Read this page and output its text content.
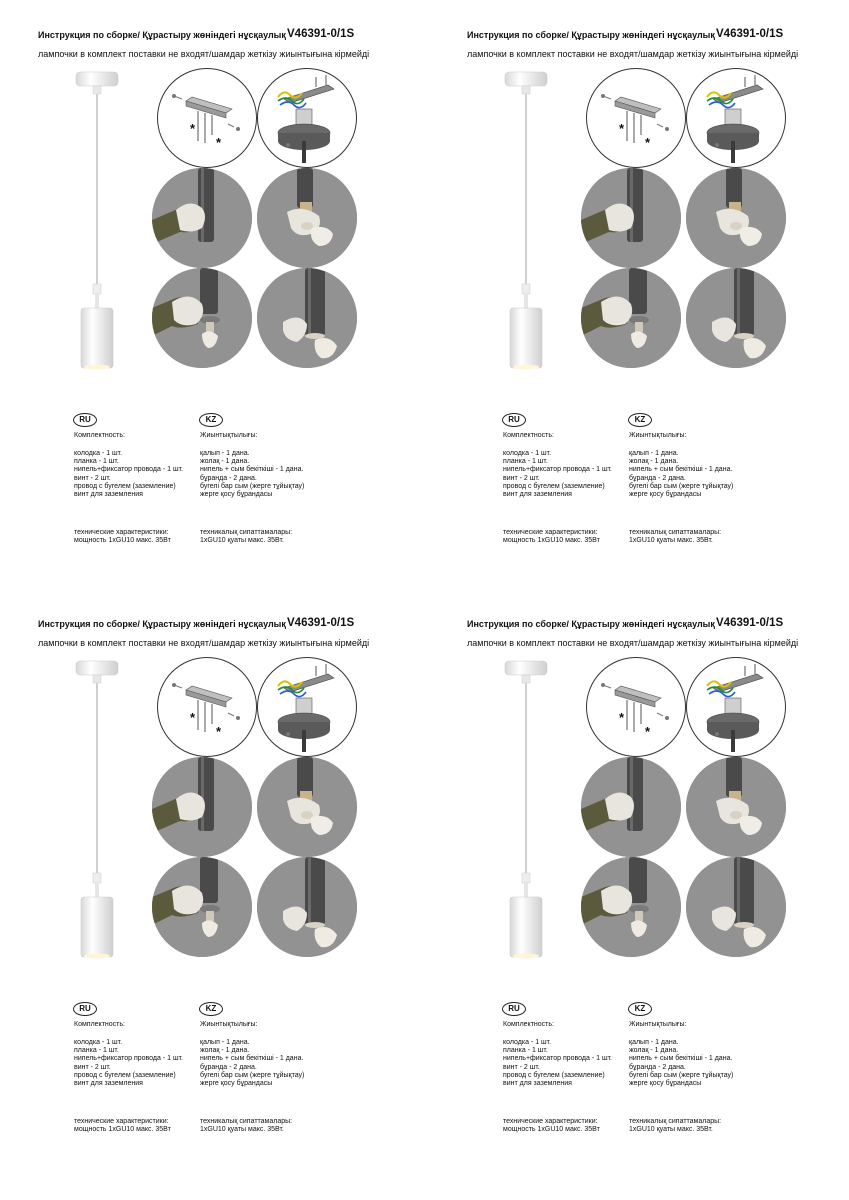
Инструкция по сборке/ Құрастыру жөніндегі нұсқаулық V46391-0/1S
лампочки в комплект поставки не входят/шамдар жеткізу жиынтығына кірмейді
*
*
RU
Комплектность:
колодка - 1 шт.
планка - 1 шт.
нипель+фиксатор провода - 1 шт.
винт - 2 шт.
провод с бугелем (заземление)
винт для заземления
технические характеристики:
мощность 1xGU10 макс. 35Вт
KZ
Жиынтықтылығы:
қалып - 1 дана.
жолақ - 1 дана.
нипель + сым бекіткіші - 1 дана.
бұранда - 2 дана.
бугелі бар сым (жерге тұйықтау)
жерге қосу бұрандасы
техникалық сипаттамалары:
1xGU10 қуаты макс. 35Вт.
Инструкция по сборке/ Құрастыру жөніндегі нұсқаулық V46391-0/1S
лампочки в комплект поставки не входят/шамдар жеткізу жиынтығына кірмейді
*
*
RU
Комплектность:
колодка - 1 шт.
планка - 1 шт.
нипель+фиксатор провода - 1 шт.
винт - 2 шт.
провод с бугелем (заземление)
винт для заземления
технические характеристики:
мощность 1xGU10 макс. 35Вт
KZ
Жиынтықтылығы:
қалып - 1 дана.
жолақ - 1 дана.
нипель + сым бекіткіші - 1 дана.
бұранда - 2 дана.
бугелі бар сым (жерге тұйықтау)
жерге қосу бұрандасы
техникалық сипаттамалары:
1xGU10 қуаты макс. 35Вт.
Инструкция по сборке/ Құрастыру жөніндегі нұсқаулық V46391-0/1S
лампочки в комплект поставки не входят/шамдар жеткізу жиынтығына кірмейді
*
*
RU
Комплектность:
колодка - 1 шт.
планка - 1 шт.
нипель+фиксатор провода - 1 шт.
винт - 2 шт.
провод с бугелем (заземление)
винт для заземления
технические характеристики:
мощность 1xGU10 макс. 35Вт
KZ
Жиынтықтылығы:
қалып - 1 дана.
жолақ - 1 дана.
нипель + сым бекіткіші - 1 дана.
бұранда - 2 дана.
бугелі бар сым (жерге тұйықтау)
жерге қосу бұрандасы
техникалық сипаттамалары:
1xGU10 қуаты макс. 35Вт.
Инструкция по сборке/ Құрастыру жөніндегі нұсқаулық V46391-0/1S
лампочки в комплект поставки не входят/шамдар жеткізу жиынтығына кірмейді
*
*
RU
Комплектность:
колодка - 1 шт.
планка - 1 шт.
нипель+фиксатор провода - 1 шт.
винт - 2 шт.
провод с бугелем (заземление)
винт для заземления
технические характеристики:
мощность 1xGU10 макс. 35Вт
KZ
Жиынтықтылығы:
қалып - 1 дана.
жолақ - 1 дана.
нипель + сым бекіткіші - 1 дана.
бұранда - 2 дана.
бугелі бар сым (жерге тұйықтау)
жерге қосу бұрандасы
техникалық сипаттамалары:
1xGU10 қуаты макс. 35Вт.
